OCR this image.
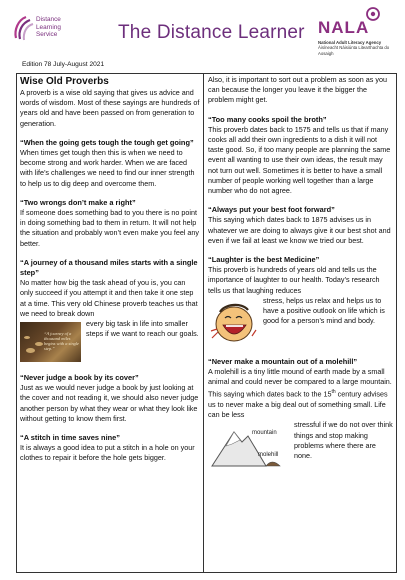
Distance
Learning
Service	The Distance Learner NALA
National Adult Literacy Agency
Áisíneacht Náisiúnta Litearthachta do Aosaigh
Edition 78 July-August 2021

Wise Old Proverbs

A proverb is a wise old saying that gives us advice and words of wisdom. Most of these sayings are hundreds of years old and have been passed on from generation to generation.

“When the going gets tough the tough get going”

When times get tough then this is when we need to become strong and work harder. When we are faced with life’s challenges we need to find our inner strength to help us to dig deep and overcome them.

“Two wrongs don’t make a right”

If someone does something bad to you there is no point in doing something bad to them in return. It will not help the situation and probably won’t even make you feel any better.

“A journey of a thousand miles starts with a single step”

No matter how big the task ahead of you is, you can only succeed if you attempt it and then take it one step at a time. This very old Chinese proverb teaches us that we need to break down

“A journey of a thousand miles begins with a single step.”

every big task in life into smaller steps if we want to reach our goals.

“Never judge a book by its cover”

Just as we would never judge a book by just looking at the cover and not reading it, we should also never judge another person by what they wear or what they look like without getting to know them first.

“A stitch in time saves nine”

It is always a good idea to put a stitch in a hole on your clothes to repair it before the hole gets bigger.

Also, it is important to sort out a problem as soon as you can because the longer you leave it the bigger the problem might get.

“Too many cooks spoil the broth”

This proverb dates back to 1575 and tells us that if many cooks all add their own ingredients to a dish it will not taste good. So, if too many people are planning the same event all wanting to use their own ideas, the result may not turn out well. Sometimes it is better to have a small number of people working well together than a large number who do not agree.

“Always put your best foot forward”

This saying which dates back to 1875 advises us in whatever we are doing to always give it our best shot and even if we fail at least we know we tried our best.

“Laughter is the best Medicine”

This proverb is hundreds of years old and tells us the importance of laughter to our health. Today’s research tells us that laughing reduces

stress, helps us relax and helps us to have a positive outlook on life which is good for a person’s mind and body.

“Never make a mountain out of a molehill”

A molehill is a tiny little mound of earth made by a small animal and could never be compared to a large mountain. This saying which dates back to the 15th century advises us to never make a big deal out of something small. Life can be less

mountain
molehill

stressful if we do not over think things and stop making problems where there are none.
